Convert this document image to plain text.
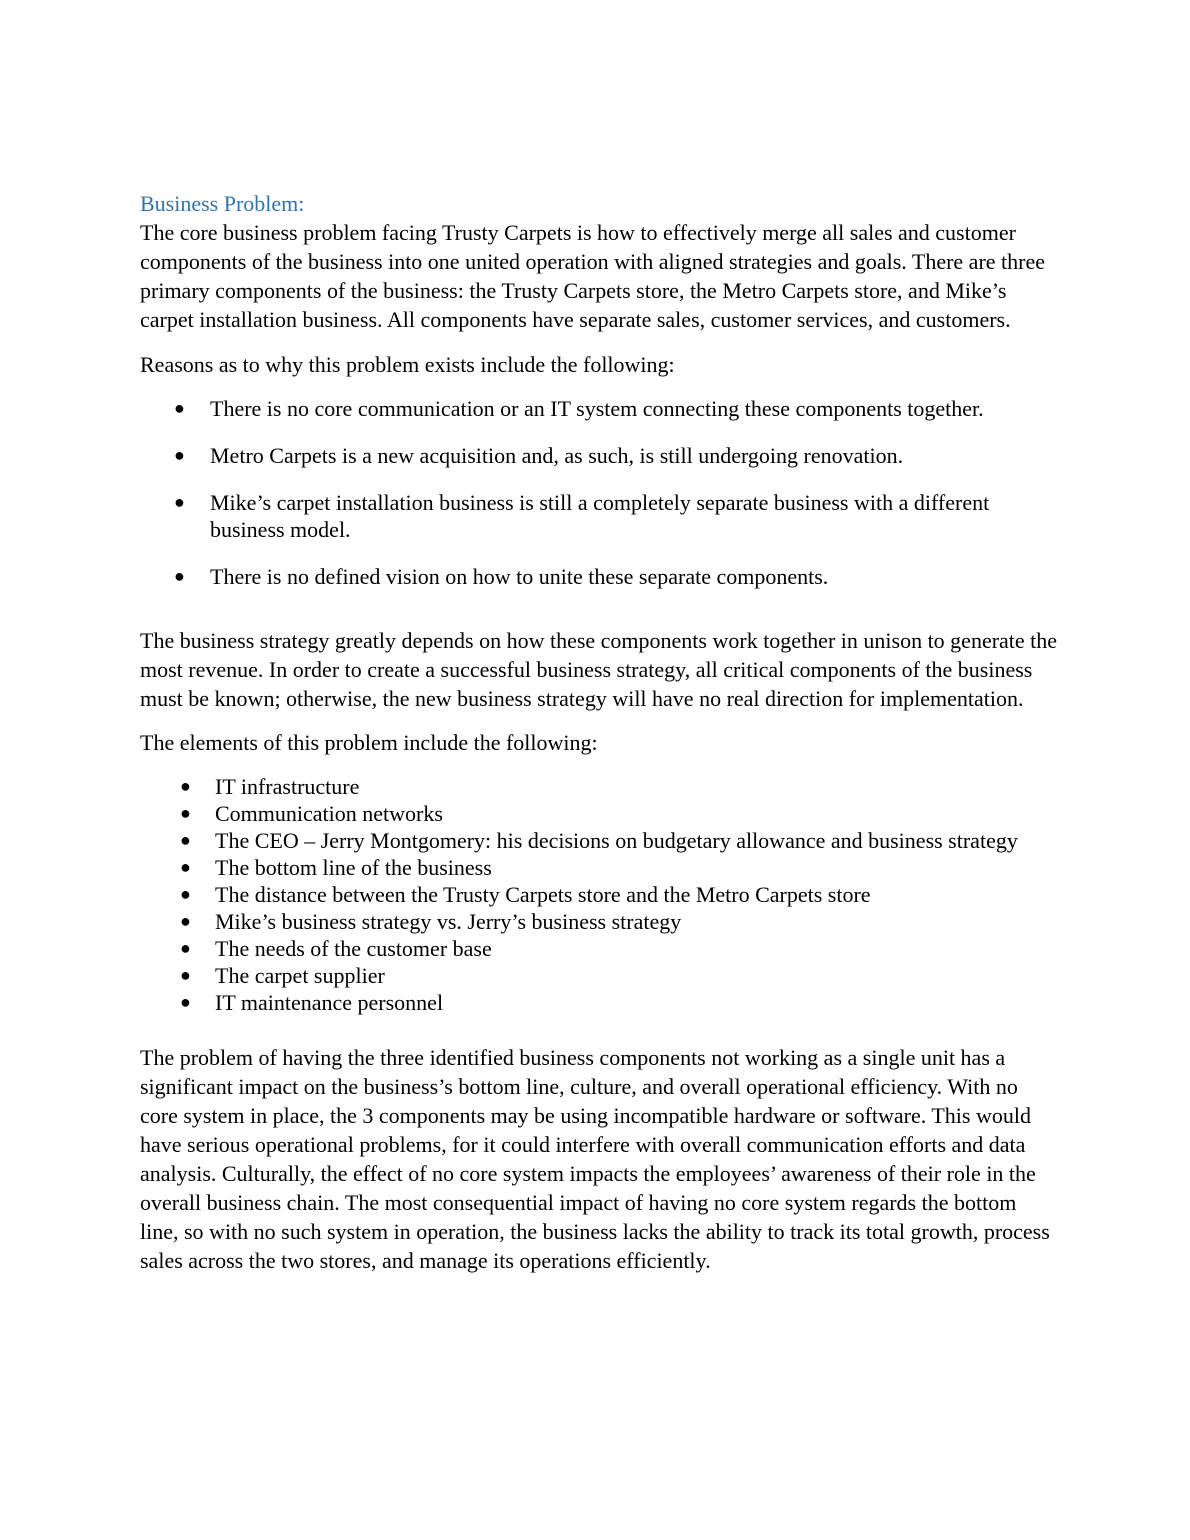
Business Problem:

The core business problem facing Trusty Carpets is how to effectively merge all sales and customer components of the business into one united operation with aligned strategies and goals. There are three primary components of the business: the Trusty Carpets store, the Metro Carpets store, and Mike’s carpet installation business. All components have separate sales, customer services, and customers.

Reasons as to why this problem exists include the following:

● There is no core communication or an IT system connecting these components together.
● Metro Carpets is a new acquisition and, as such, is still undergoing renovation.
● Mike’s carpet installation business is still a completely separate business with a different business model.
● There is no defined vision on how to unite these separate components.

The business strategy greatly depends on how these components work together in unison to generate the most revenue. In order to create a successful business strategy, all critical components of the business must be known; otherwise, the new business strategy will have no real direction for implementation.

The elements of this problem include the following:

● IT infrastructure
● Communication networks
● The CEO – Jerry Montgomery: his decisions on budgetary allowance and business strategy
● The bottom line of the business
● The distance between the Trusty Carpets store and the Metro Carpets store
● Mike’s business strategy vs. Jerry’s business strategy
● The needs of the customer base
● The carpet supplier
● IT maintenance personnel

The problem of having the three identified business components not working as a single unit has a significant impact on the business’s bottom line, culture, and overall operational efficiency. With no core system in place, the 3 components may be using incompatible hardware or software. This would have serious operational problems, for it could interfere with overall communication efforts and data analysis. Culturally, the effect of no core system impacts the employees’ awareness of their role in the overall business chain. The most consequential impact of having no core system regards the bottom line, so with no such system in operation, the business lacks the ability to track its total growth, process sales across the two stores, and manage its operations efficiently.
